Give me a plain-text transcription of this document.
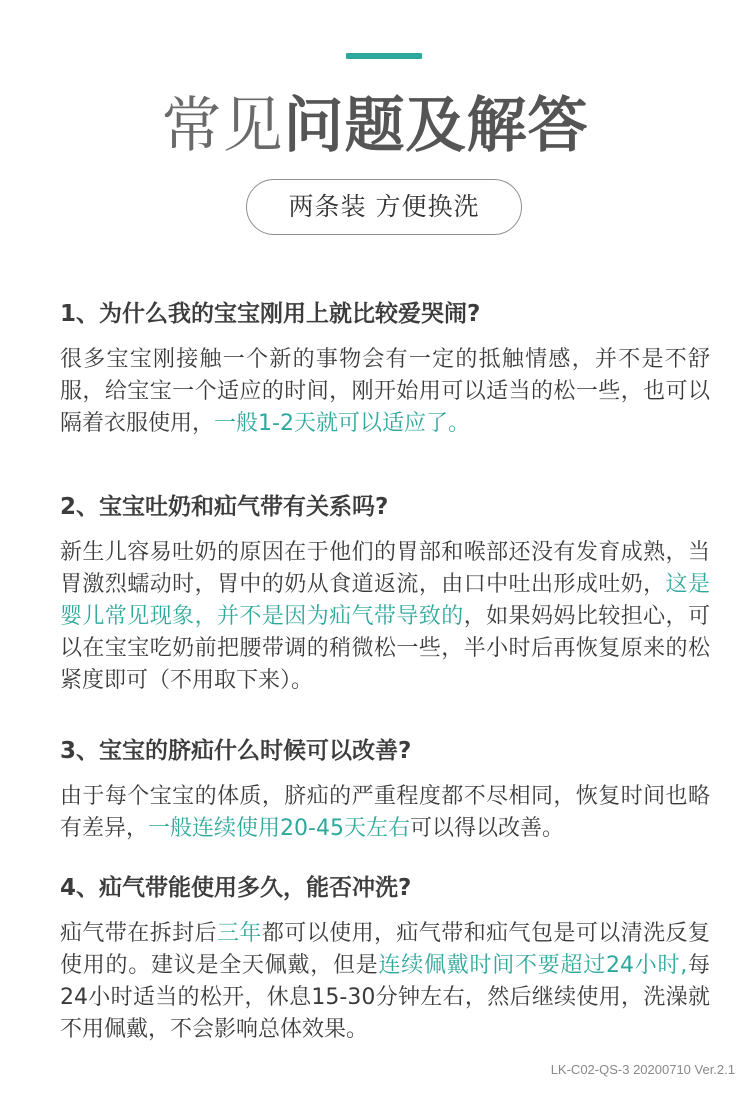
常见问题及解答
两条装 方便换洗
1、为什么我的宝宝刚用上就比较爱哭闹?
很多宝宝刚接触一个新的事物会有一定的抵触情感，并不是不舒服，给宝宝一个适应的时间，刚开始用可以适当的松一些，也可以隔着衣服使用，一般1-2天就可以适应了。
2、宝宝吐奶和疝气带有关系吗?
新生儿容易吐奶的原因在于他们的胃部和喉部还没有发育成熟，当胃激烈蠕动时，胃中的奶从食道返流，由口中吐出形成吐奶，这是婴儿常见现象，并不是因为疝气带导致的，如果妈妈比较担心，可以在宝宝吃奶前把腰带调的稍微松一些，半小时后再恢复原来的松紧度即可（不用取下来）。
3、宝宝的脐疝什么时候可以改善?
由于每个宝宝的体质，脐疝的严重程度都不尽相同，恢复时间也略有差异，一般连续使用20-45天左右可以得以改善。
4、疝气带能使用多久，能否冲洗?
疝气带在拆封后三年都可以使用，疝气带和疝气包是可以清洗反复使用的。建议是全天佩戴，但是连续佩戴时间不要超过24小时,每24小时适当的松开，休息15-30分钟左右，然后继续使用，洗澡就不用佩戴，不会影响总体效果。
LK-C02-QS-3 20200710 Ver.2.1
